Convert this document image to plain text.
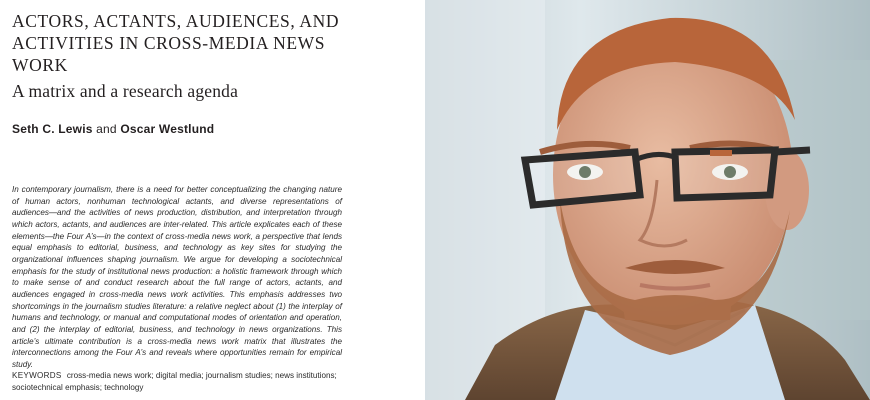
ACTORS, ACTANTS, AUDIENCES, AND
ACTIVITIES IN CROSS-MEDIA NEWS
WORK
A matrix and a research agenda
Seth C. Lewis and Oscar Westlund

In contemporary journalism, there is a need for better conceptualizing the changing nature of human actors, nonhuman technological actants, and diverse representations of audiences—and the activities of news production, distribution, and interpretation through which actors, actants, and audiences are inter-related. This article explicates each of these elements—the Four A’s—in the context of cross-media news work, a perspective that lends equal emphasis to editorial, business, and technology as key sites for studying the organizational influences shaping journalism. We argue for developing a sociotechnical emphasis for the study of institutional news production: a holistic framework through which to make sense of and conduct research about the full range of actors, actants, and audiences engaged in cross-media news work activities. This emphasis addresses two shortcomings in the journalism studies literature: a relative neglect about (1) the interplay of humans and technology, or manual and computational modes of orientation and operation, and (2) the interplay of editorial, business, and technology in news organizations. This article’s ultimate contribution is a cross-media news work matrix that illustrates the interconnections among the Four A’s and reveals where opportunities remain for empirical study.

KEYWORDS cross-media news work; digital media; journalism studies; news institutions; sociotechnical emphasis; technology
